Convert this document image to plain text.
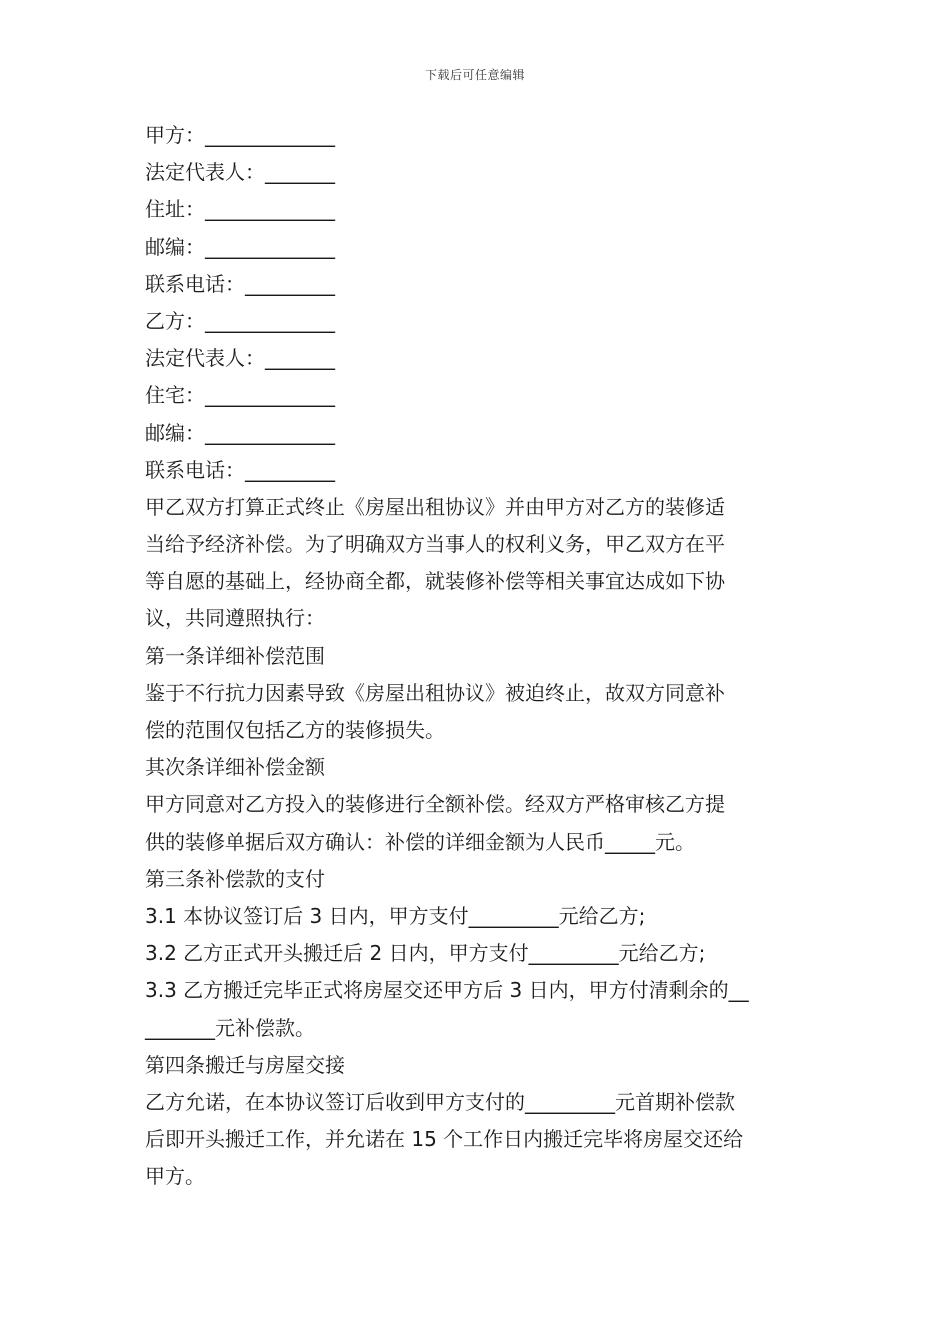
下载后可任意编辑
甲方：_____________
法定代表人：_______
住址：_____________
邮编：_____________
联系电话：_________
乙方：_____________
法定代表人：_______
住宅：_____________
邮编：_____________
联系电话：_________
甲乙双方打算正式终止《房屋出租协议》并由甲方对乙方的装修适
当给予经济补偿。为了明确双方当事人的权利义务，甲乙双方在平
等自愿的基础上，经协商全都，就装修补偿等相关事宜达成如下协
议，共同遵照执行：
第一条详细补偿范围
鉴于不行抗力因素导致《房屋出租协议》被迫终止，故双方同意补
偿的范围仅包括乙方的装修损失。
其次条详细补偿金额
甲方同意对乙方投入的装修进行全额补偿。经双方严格审核乙方提
供的装修单据后双方确认：补偿的详细金额为人民币_____元。
第三条补偿款的支付
3.1 本协议签订后 3 日内，甲方支付_________元给乙方;
3.2 乙方正式开头搬迁后 2 日内，甲方支付_________元给乙方;
3.3 乙方搬迁完毕正式将房屋交还甲方后 3 日内，甲方付清剩余的__
_______元补偿款。
第四条搬迁与房屋交接
乙方允诺，在本协议签订后收到甲方支付的_________元首期补偿款
后即开头搬迁工作，并允诺在 15 个工作日内搬迁完毕将房屋交还给
甲方。
